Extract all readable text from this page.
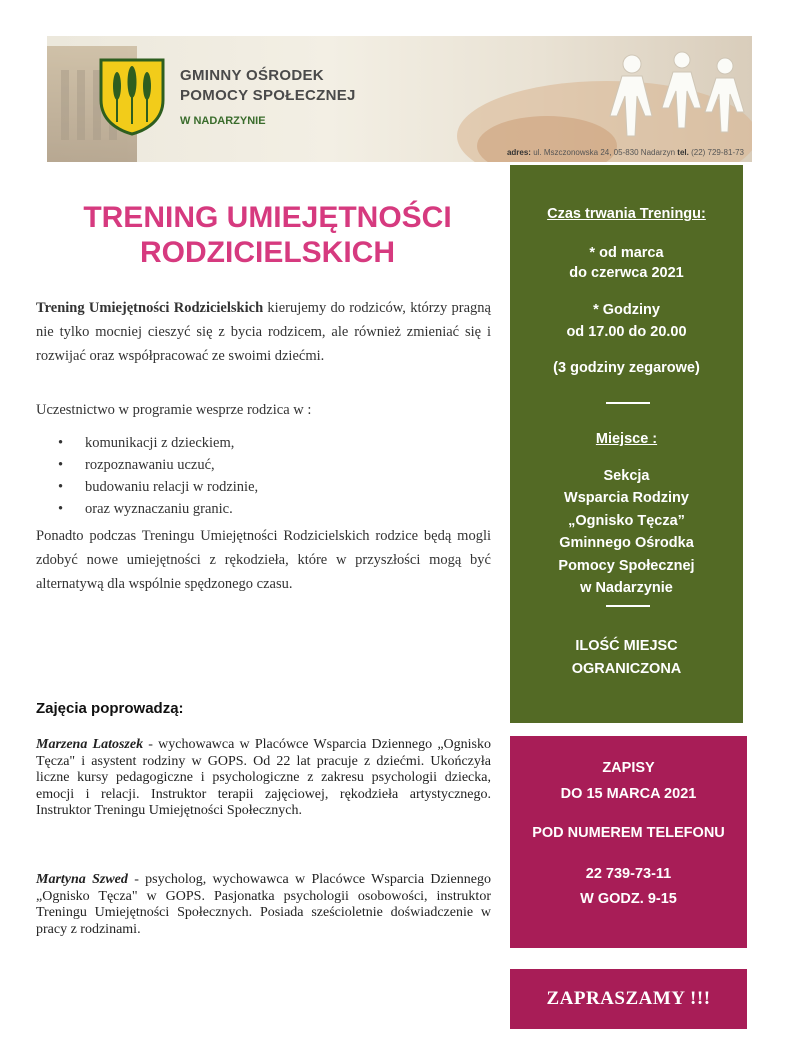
GMINNY OŚRODEK
POMOCY SPOŁECZNEJ
W NADARZYNIE
adres: ul. Mszczonowska 24, 05-830 Nadarzyn tel. (22) 729-81-73
TRENING UMIEJĘTNOŚCI
RODZICIELSKICH
Trening Umiejętności Rodzicielskich kierujemy do rodziców, którzy pragną nie tylko mocniej cieszyć się z bycia rodzicem, ale również zmieniać się i rozwijać oraz współpracować ze swoimi dziećmi.
Uczestnictwo w programie wesprze rodzica w :
• komunikacji z dzieckiem,
• rozpoznawaniu uczuć,
• budowaniu relacji w rodzinie,
• oraz wyznaczaniu granic.
Ponadto podczas Treningu Umiejętności Rodzicielskich rodzice będą mogli zdobyć nowe umiejętności z rękodzieła, które w przyszłości mogą być alternatywą dla wspólnie spędzonego czasu.
Zajęcia poprowadzą:
Marzena Latoszek - wychowawca w Placówce Wsparcia Dziennego „Ognisko Tęcza" i asystent rodziny w GOPS. Od 22 lat pracuje z dziećmi. Ukończyła liczne kursy pedagogiczne i psychologiczne z zakresu psychologii dziecka, emocji i relacji. Instruktor terapii zajęciowej, rękodzieła artystycznego. Instruktor Treningu Umiejętności Społecznych.
Martyna Szwed - psycholog, wychowawca w Placówce Wsparcia Dziennego „Ognisko Tęcza" w GOPS. Pasjonatka psychologii osobowości, instruktor Treningu Umiejętności Społecznych. Posiada sześcioletnie doświadczenie w pracy z rodzinami.
Czas trwania Treningu:
* od marca
do czerwca 2021
* Godziny
od 17.00 do 20.00
(3 godziny zegarowe)
Miejsce :
Sekcja
Wsparcia Rodziny
„Ognisko Tęcza”
Gminnego Ośrodka
Pomocy Społecznej
w Nadarzynie
ILOŚĆ MIEJSC
OGRANICZONA
ZAPISY
DO 15 MARCA 2021
POD NUMEREM TELEFONU
22 739-73-11
W GODZ. 9-15
ZAPRASZAMY !!!
